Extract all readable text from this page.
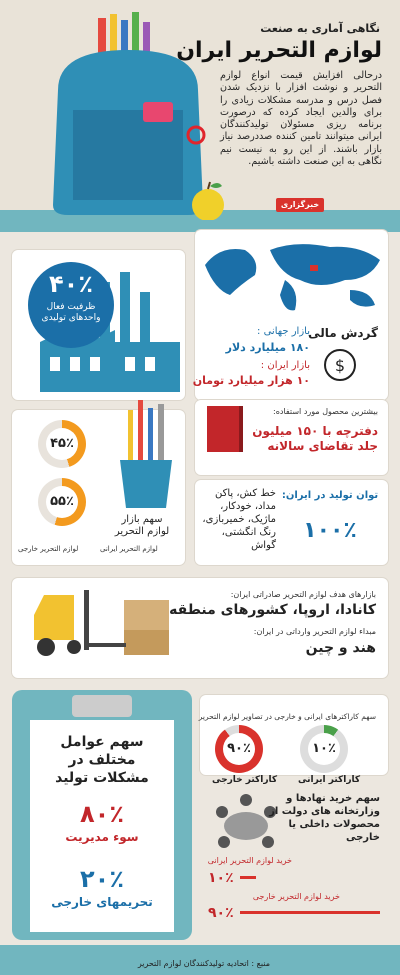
نگاهی آماری به صنعت
لوازم التحریر ایران
درحالی افزایش قیمت انواع لوازم التحریر و نوشت افزار با نزدیک شدن فصل درس و مدرسه مشکلات زیادی را برای والدین ایجاد کرده که درصورت برنامه ریزی مسئولان تولیدکنندگان ایرانی میتوانند تامین کننده صددرصد نیاز بازار باشند. از این رو به نیست نیم نگاهی به این صنعت داشته باشیم.
خبرگزاری
۴۰٪
ظرفیت فعال واحدهای تولیدی
$
گردش مالی
بازار جهانی :
۱۸۰ میلیارد دلار
بازار ایران :
۱۰ هزار میلیارد تومان
۴۵٪
۵۵٪
سهم بازار لوازم التحریر
لوازم التحریر خارجی	لوازم التحریر ایرانی
بیشترین محصول مورد استفاده:
دفترچه با ۱۵۰ میلیون جلد تقاضای سالانه
توان تولید در ایران:
۱۰۰٪
خط کش، پاکن مداد، خودکار، ماژیک، خمیربازی، رنگ انگشتی، گواش
بازارهای هدف لوازم التحریر صادراتی ایران:
کانادا، اروپا، کشورهای منطقه
مبداء لوازم التحریر وارداتی در ایران:
هند و چین
سهم کاراکترهای ایرانی و خارجی در تصاویر لوازم التحریر
۱۰٪
۹۰٪
کاراکتر ایرانی
کاراکتر خارجی
سهم عوامل مختلف در مشکلات تولید
۸۰٪
سوء مدیریت
۲۰٪
تحریمهای خارجی
سهم خرید نهادها و وزارتخانه های دولت از محصولات داخلی یا خارجی
خرید لوازم التحریر ایرانی
۱۰٪
خرید لوازم التحریر خارجی
۹۰٪
منبع : اتحادیه تولیدکنندگان لوازم التحریر
